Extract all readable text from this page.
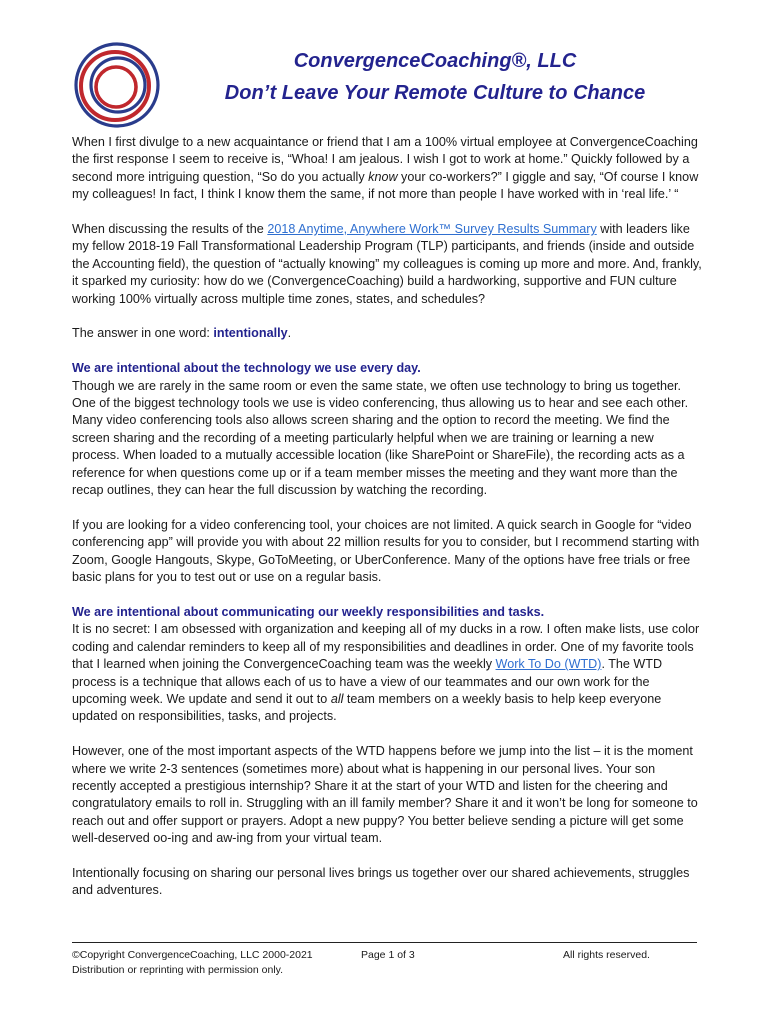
ConvergenceCoaching®, LLC
Don’t Leave Your Remote Culture to Chance

When I first divulge to a new acquaintance or friend that I am a 100% virtual employee at ConvergenceCoaching the first response I seem to receive is, “Whoa! I am jealous. I wish I got to work at home.” Quickly followed by a second more intriguing question, “So do you actually know your co-workers?” I giggle and say, “Of course I know my colleagues! In fact, I think I know them the same, if not more than people I have worked with in ‘real life.’ “

When discussing the results of the 2018 Anytime, Anywhere Work™ Survey Results Summary with leaders like my fellow 2018-19 Fall Transformational Leadership Program (TLP) participants, and friends (inside and outside the Accounting field), the question of “actually knowing” my colleagues is coming up more and more. And, frankly, it sparked my curiosity: how do we (ConvergenceCoaching) build a hardworking, supportive and FUN culture working 100% virtually across multiple time zones, states, and schedules?

The answer in one word: intentionally.

We are intentional about the technology we use every day.

Though we are rarely in the same room or even the same state, we often use technology to bring us together. One of the biggest technology tools we use is video conferencing, thus allowing us to hear and see each other. Many video conferencing tools also allows screen sharing and the option to record the meeting. We find the screen sharing and the recording of a meeting particularly helpful when we are training or learning a new process. When loaded to a mutually accessible location (like SharePoint or ShareFile), the recording acts as a reference for when questions come up or if a team member misses the meeting and they want more than the recap outlines, they can hear the full discussion by watching the recording.

If you are looking for a video conferencing tool, your choices are not limited. A quick search in Google for “video conferencing app” will provide you with about 22 million results for you to consider, but I recommend starting with Zoom, Google Hangouts, Skype, GoToMeeting, or UberConference. Many of the options have free trials or free basic plans for you to test out or use on a regular basis.

We are intentional about communicating our weekly responsibilities and tasks.

It is no secret: I am obsessed with organization and keeping all of my ducks in a row. I often make lists, use color coding and calendar reminders to keep all of my responsibilities and deadlines in order. One of my favorite tools that I learned when joining the ConvergenceCoaching team was the weekly Work To Do (WTD). The WTD process is a technique that allows each of us to have a view of our teammates and our own work for the upcoming week. We update and send it out to all team members on a weekly basis to help keep everyone updated on responsibilities, tasks, and projects.

However, one of the most important aspects of the WTD happens before we jump into the list – it is the moment where we write 2-3 sentences (sometimes more) about what is happening in our personal lives. Your son recently accepted a prestigious internship? Share it at the start of your WTD and listen for the cheering and congratulatory emails to roll in. Struggling with an ill family member? Share it and it won’t be long for someone to reach out and offer support or prayers. Adopt a new puppy? You better believe sending a picture will get some well-deserved oo-ing and aw-ing from your virtual team.

Intentionally focusing on sharing our personal lives brings us together over our shared achievements, struggles and adventures.

©Copyright ConvergenceCoaching, LLC 2000-2021	Page 1 of 3	All rights reserved.
Distribution or reprinting with permission only.
